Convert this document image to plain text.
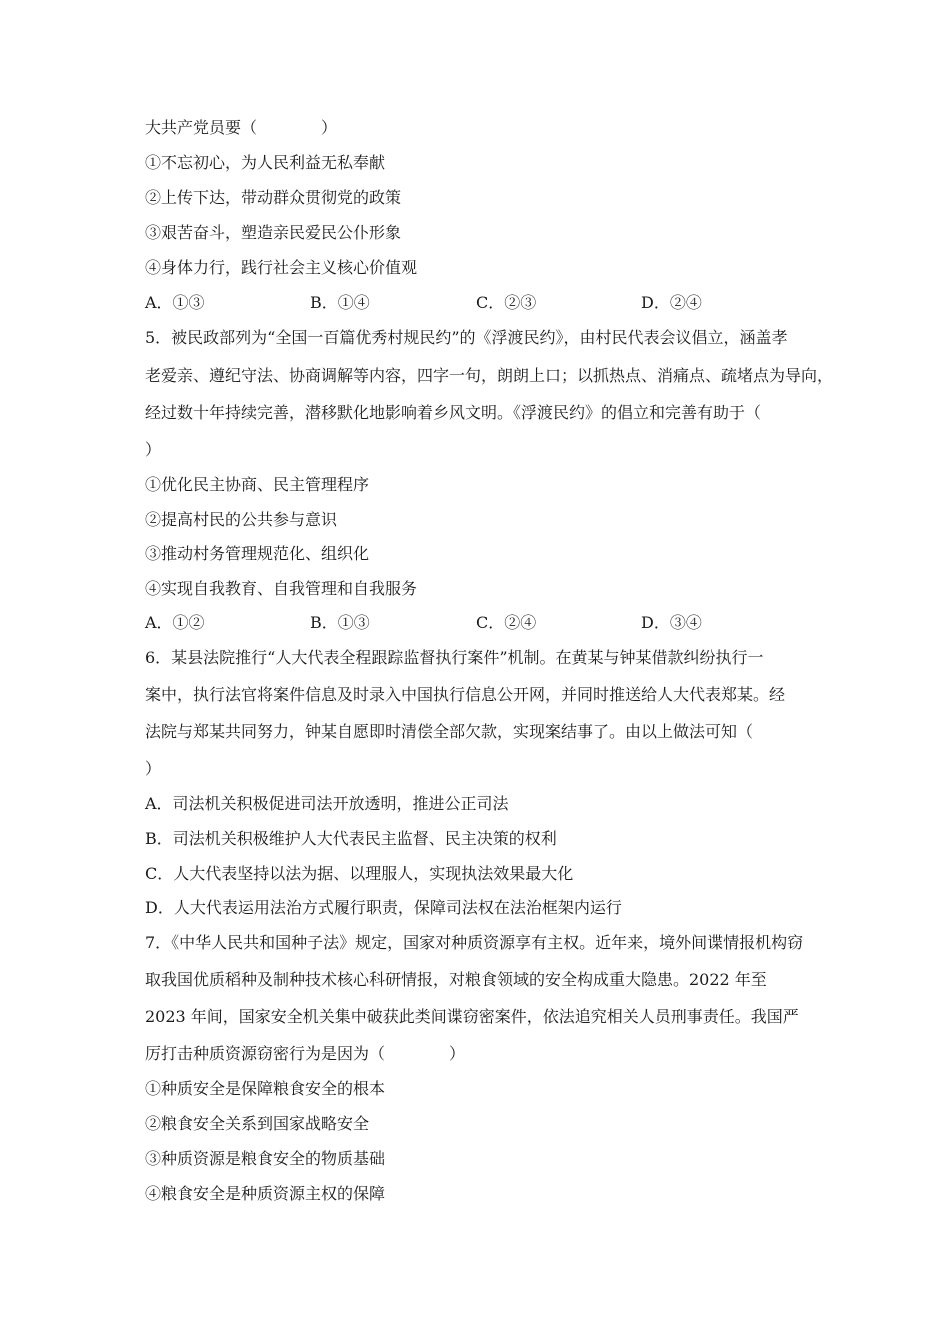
大共产党员要（　　　　）
①不忘初心，为人民利益无私奉献
②上传下达，带动群众贯彻党的政策
③艰苦奋斗，塑造亲民爱民公仆形象
④身体力行，践行社会主义核心价值观
A．①③	B．①④	C．②③	D．②④
5．被民政部列为“全国一百篇优秀村规民约”的《浮渡民约》，由村民代表会议倡立，涵盖孝
老爱亲、遵纪守法、协商调解等内容，四字一句，朗朗上口；以抓热点、消痛点、疏堵点为导向，
经过数十年持续完善，潜移默化地影响着乡风文明。《浮渡民约》的倡立和完善有助于（
）
①优化民主协商、民主管理程序
②提高村民的公共参与意识
③推动村务管理规范化、组织化
④实现自我教育、自我管理和自我服务
A．①②	B．①③	C．②④	D．③④
6．某县法院推行“人大代表全程跟踪监督执行案件”机制。在黄某与钟某借款纠纷执行一
案中，执行法官将案件信息及时录入中国执行信息公开网，并同时推送给人大代表郑某。经
法院与郑某共同努力，钟某自愿即时清偿全部欠款，实现案结事了。由以上做法可知（
）
A．司法机关积极促进司法开放透明，推进公正司法
B．司法机关积极维护人大代表民主监督、民主决策的权利
C．人大代表坚持以法为据、以理服人，实现执法效果最大化
D．人大代表运用法治方式履行职责，保障司法权在法治框架内运行
7．《中华人民共和国种子法》规定，国家对种质资源享有主权。近年来，境外间谍情报机构窃
取我国优质稻种及制种技术核心科研情报，对粮食领域的安全构成重大隐患。2022 年至
2023 年间，国家安全机关集中破获此类间谍窃密案件，依法追究相关人员刑事责任。我国严
厉打击种质资源窃密行为是因为（　　　　）
①种质安全是保障粮食安全的根本
②粮食安全关系到国家战略安全
③种质资源是粮食安全的物质基础
④粮食安全是种质资源主权的保障
